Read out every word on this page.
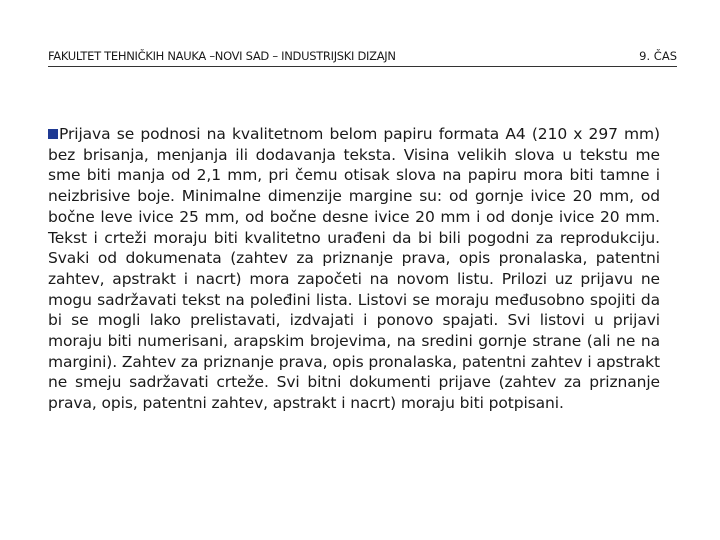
FAKULTET TEHNIČKIH NAUKA –NOVI SAD – INDUSTRIJSKI DIZAJN	9. ČAS
Prijava se podnosi na kvalitetnom belom papiru formata A4 (210 x 297 mm) bez brisanja, menjanja ili dodavanja teksta. Visina velikih slova u tekstu me sme biti manja od 2,1 mm, pri čemu otisak slova na papiru mora biti tamne i neizbrisive boje. Minimalne dimenzije margine su: od gornje ivice 20 mm, od bočne leve ivice 25 mm, od bočne desne ivice 20 mm i od donje ivice 20 mm. Tekst i crteži moraju biti kvalitetno urađeni da bi bili pogodni za reprodukciju. Svaki od dokumenata (zahtev za priznanje prava, opis pronalaska, patentni zahtev, apstrakt i nacrt) mora započeti na novom listu. Prilozi uz prijavu ne mogu sadržavati tekst na poleđini lista. Listovi se moraju međusobno spojiti da bi se mogli lako prelistavati, izdvajati i ponovo spajati. Svi listovi u prijavi moraju biti numerisani, arapskim brojevima, na sredini gornje strane (ali ne na margini). Zahtev za priznanje prava, opis pronalaska, patentni zahtev i apstrakt ne smeju sadržavati crteže. Svi bitni dokumenti prijave (zahtev za priznanje prava, opis, patentni zahtev, apstrakt i nacrt) moraju biti potpisani.
